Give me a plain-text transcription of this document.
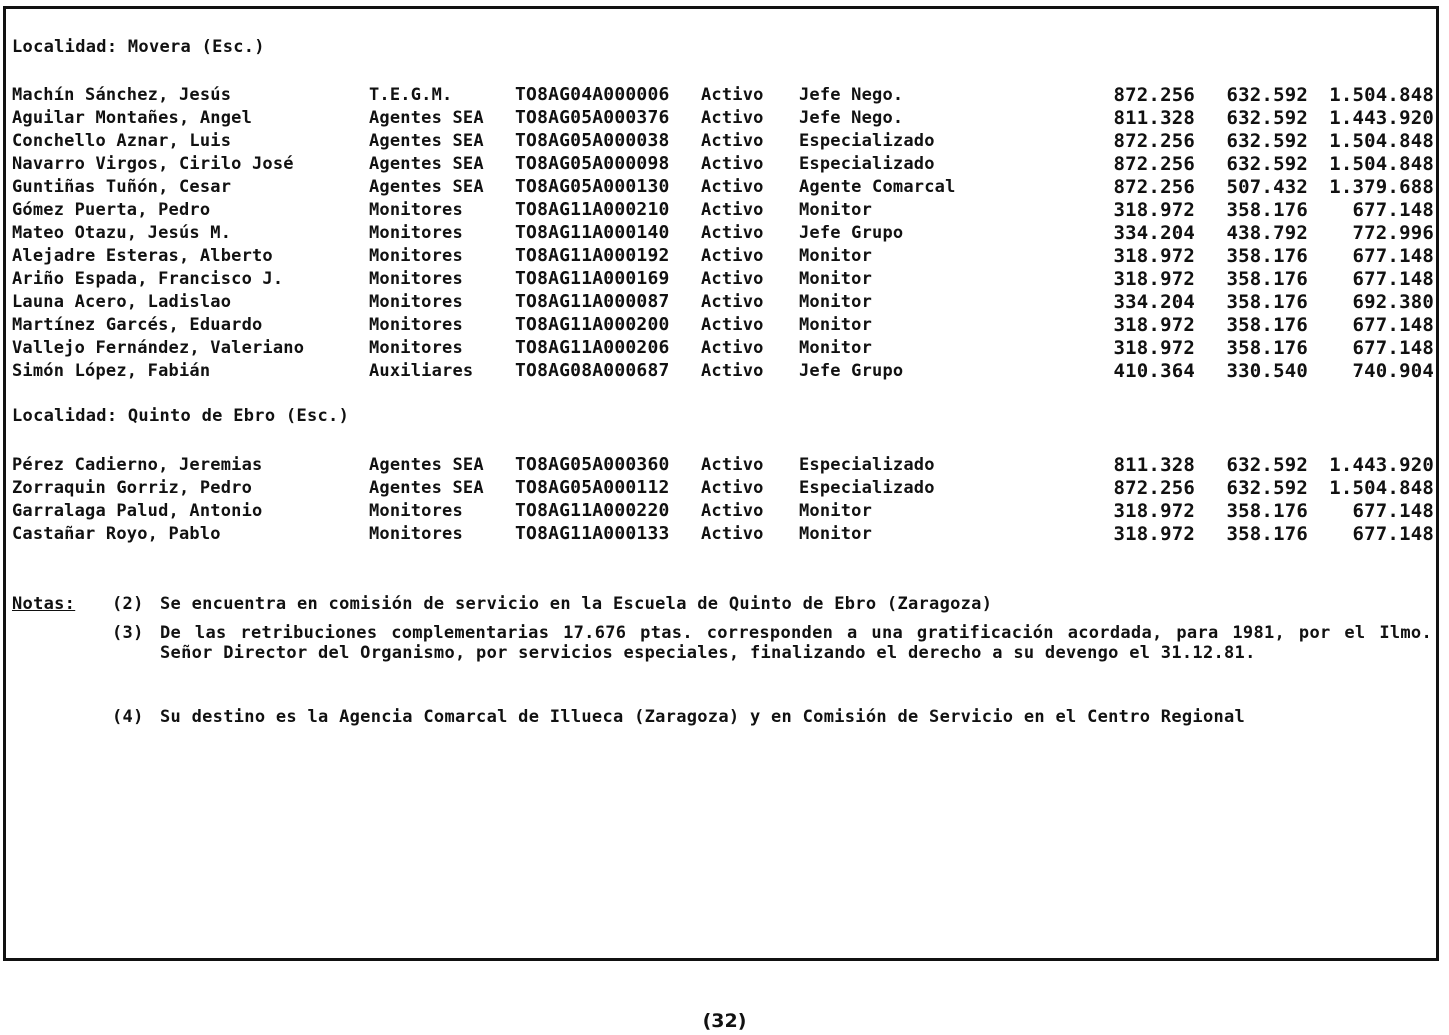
Localidad: Movera (Esc.)
Machín Sánchez, Jesús	T.E.G.M.	TO8AG04A000006 Activo Jefe Nego.	872.256 632.592 1.504.848
Aguilar Montañes, Angel	Agentes SEA TO8AG05A000376 Activo Jefe Nego.	811.328 632.592 1.443.920
Conchello Aznar, Luis	Agentes SEA TO8AG05A000038 Activo Especializado	872.256 632.592 1.504.848
Navarro Virgos, Cirilo José	Agentes SEA TO8AG05A000098 Activo Especializado	872.256 632.592 1.504.848
Guntiñas Tuñón, Cesar	Agentes SEA TO8AG05A000130 Activo Agente Comarcal	872.256 507.432 1.379.688
Gómez Puerta, Pedro	Monitores	TO8AG11A000210 Activo Monitor	318.972 358.176 677.148
Mateo Otazu, Jesús M.	Monitores	TO8AG11A000140 Activo Jefe Grupo	334.204 438.792 772.996
Alejadre Esteras, Alberto	Monitores	TO8AG11A000192 Activo Monitor	318.972 358.176 677.148
Ariño Espada, Francisco J.	Monitores	TO8AG11A000169 Activo Monitor	318.972 358.176 677.148
Launa Acero, Ladislao	Monitores	TO8AG11A000087 Activo Monitor	334.204 358.176 692.380
Martínez Garcés, Eduardo	Monitores	TO8AG11A000200 Activo Monitor	318.972 358.176 677.148
Vallejo Fernández, Valeriano	Monitores	TO8AG11A000206 Activo Monitor	318.972 358.176 677.148
Simón López, Fabián	Auxiliares TO8AG08A000687 Activo Jefe Grupo	410.364 330.540 740.904
Localidad: Quinto de Ebro (Esc.)
Pérez Cadierno, Jeremias	Agentes SEA TO8AG05A000360 Activo Especializado	811.328 632.592 1.443.920
Zorraquin Gorriz, Pedro	Agentes SEA TO8AG05A000112 Activo Especializado	872.256 632.592 1.504.848
Garralaga Palud, Antonio	Monitores	TO8AG11A000220 Activo Monitor	318.972 358.176 677.148
Castañar Royo, Pablo	Monitores	TO8AG11A000133 Activo Monitor	318.972 358.176 677.148
Notas: (2) Se encuentra en comisión de servicio en la Escuela de Quinto de Ebro (Zaragoza)
(3) De las retribuciones complementarias 17.676 ptas. corresponden a una gratificación acordada, para 1981, por el Ilmo. Señor Director del Organismo, por servicios especiales, finalizando el derecho a su devengo el 31.12.81.
(4) Su destino es la Agencia Comarcal de Illueca (Zaragoza) y en Comisión de Servicio en el Centro Regional
(32)
